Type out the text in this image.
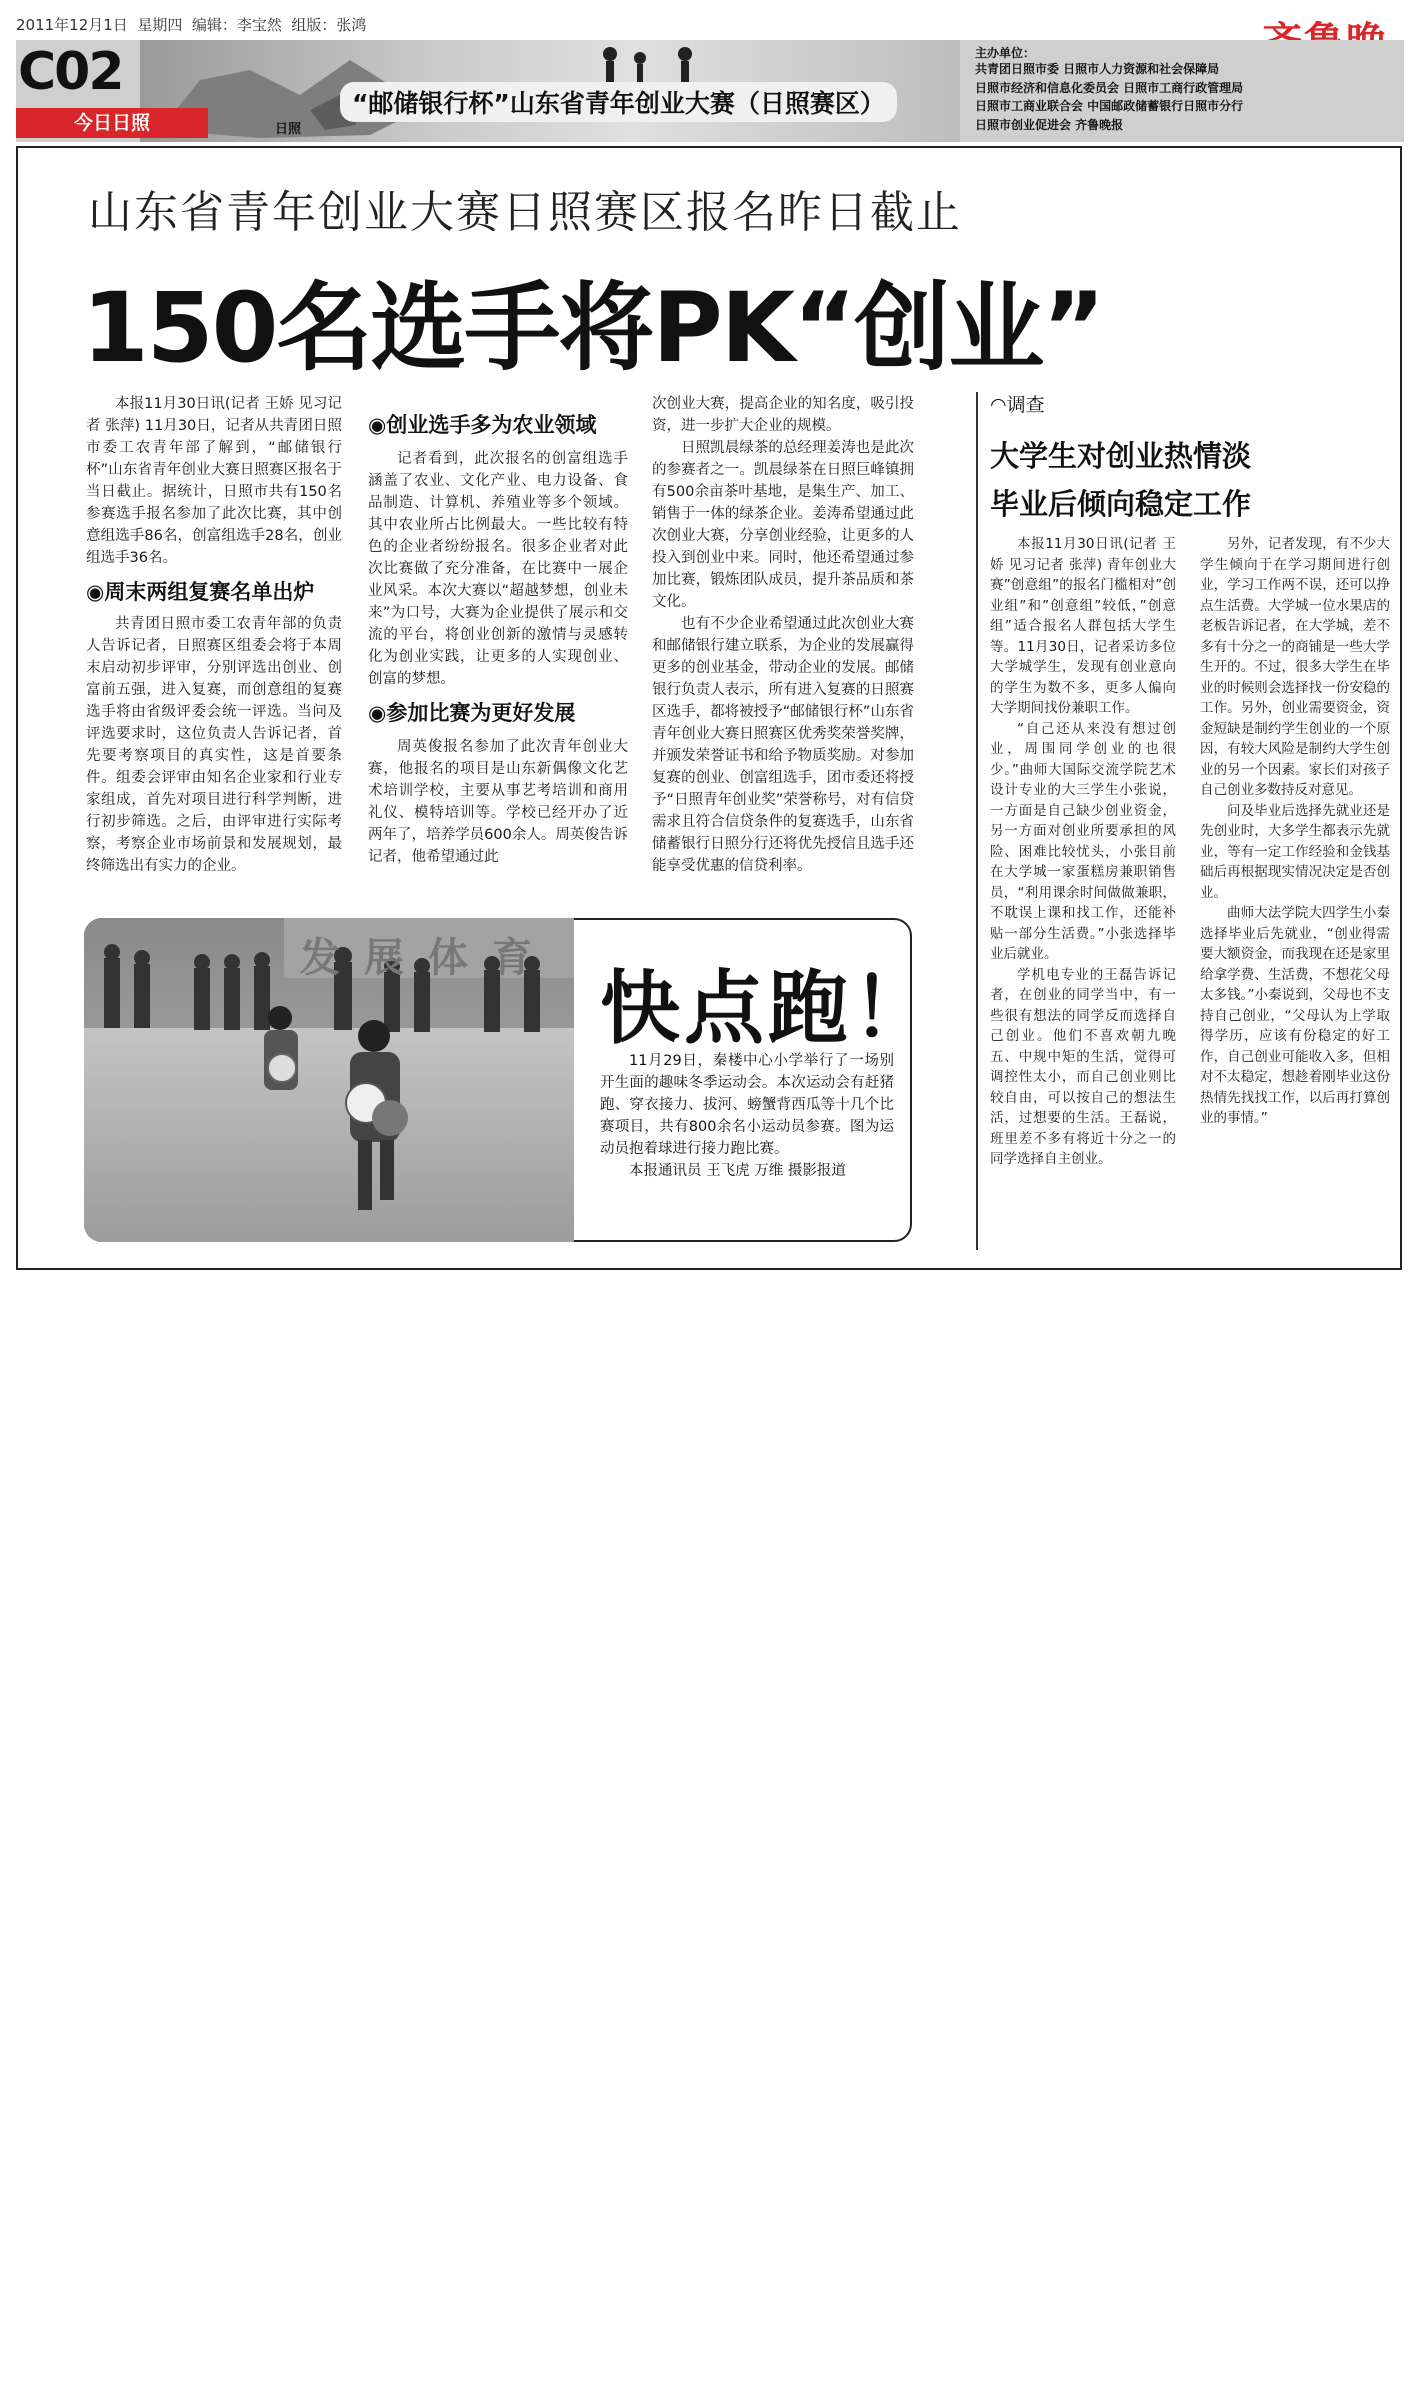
2011年12月1日  星期四  编辑：李宝然  组版：张鸿
日照
C02
今日日照
“邮储银行杯”山东省青年创业大赛（日照赛区）
主办单位：
共青团日照市委 日照市人力资源和社会保障局
日照市经济和信息化委员会 日照市工商行政管理局
日照市工商业联合会 中国邮政储蓄银行日照市分行
日照市创业促进会 齐鲁晚报
山东省青年创业大赛日照赛区报名昨日截止
150名选手将PK“创业”

本报11月30日讯(记者 王娇 见习记者 张萍) 11月30日，记者从共青团日照市委工农青年部了解到，“邮储银行杯”山东省青年创业大赛日照赛区报名于当日截止。据统计，日照市共有150名参赛选手报名参加了此次比赛，其中创意组选手86名，创富组选手28名，创业组选手36名。

◉周末两组复赛名单出炉

共青团日照市委工农青年部的负责人告诉记者，日照赛区组委会将于本周末启动初步评审，分别评选出创业、创富前五强，进入复赛，而创意组的复赛选手将由省级评委会统一评选。当问及评选要求时，这位负责人告诉记者，首先要考察项目的真实性，这是首要条件。组委会评审由知名企业家和行业专家组成，首先对项目进行科学判断，进行初步筛选。之后，由评审进行实际考察，考察企业市场前景和发展规划，最终筛选出有实力的企业。

◉创业选手多为农业领域

记者看到，此次报名的创富组选手涵盖了农业、文化产业、电力设备、食品制造、计算机、养殖业等多个领域。其中农业所占比例最大。一些比较有特色的企业者纷纷报名。很多企业者对此次比赛做了充分准备，在比赛中一展企业风采。本次大赛以“超越梦想，创业未来”为口号，大赛为企业提供了展示和交流的平台，将创业创新的激情与灵感转化为创业实践，让更多的人实现创业、创富的梦想。

◉参加比赛为更好发展

周英俊报名参加了此次青年创业大赛，他报名的项目是山东新偶像文化艺术培训学校，主要从事艺考培训和商用礼仪、模特培训等。学校已经开办了近两年了，培养学员600余人。周英俊告诉记者，他希望通过此

次创业大赛，提高企业的知名度，吸引投资，进一步扩大企业的规模。

日照凯晨绿茶的总经理姜涛也是此次的参赛者之一。凯晨绿茶在日照巨峰镇拥有500余亩茶叶基地，是集生产、加工、销售于一体的绿茶企业。姜涛希望通过此次创业大赛，分享创业经验，让更多的人投入到创业中来。同时，他还希望通过参加比赛，锻炼团队成员，提升茶品质和茶文化。

也有不少企业希望通过此次创业大赛和邮储银行建立联系，为企业的发展赢得更多的创业基金，带动企业的发展。邮储银行负责人表示，所有进入复赛的日照赛区选手，都将被授予“邮储银行杯”山东省青年创业大赛日照赛区优秀奖荣誉奖牌，并颁发荣誉证书和给予物质奖励。对参加复赛的创业、创富组选手，团市委还将授予“日照青年创业奖”荣誉称号，对有信贷需求且符合信贷条件的复赛选手，山东省储蓄银行日照分行还将优先授信且选手还能享受优惠的信贷利率。

◠调查
大学生对创业热情淡
毕业后倾向稳定工作

本报11月30日讯(记者 王娇 见习记者 张萍) 青年创业大赛”创意组”的报名门槛相对”创业组”和”创意组”较低，”创意组”适合报名人群包括大学生等。11月30日，记者采访多位大学城学生，发现有创业意向的学生为数不多，更多人偏向大学期间找份兼职工作。

“自己还从来没有想过创业，周围同学创业的也很少。”曲师大国际交流学院艺术设计专业的大三学生小张说，一方面是自己缺少创业资金，另一方面对创业所要承担的风险、困难比较忧头，小张目前在大学城一家蛋糕房兼职销售员，“利用课余时间做做兼职，不耽误上课和找工作，还能补贴一部分生活费。”小张选择毕业后就业。

学机电专业的王磊告诉记者，在创业的同学当中，有一些很有想法的同学反而选择自己创业。他们不喜欢朝九晚五、中规中矩的生活，觉得可调控性太小，而自己创业则比较自由，可以按自己的想法生活，过想要的生活。王磊说，班里差不多有将近十分之一的同学选择自主创业。

另外，记者发现，有不少大学生倾向于在学习期间进行创业，学习工作两不误，还可以挣点生活费。大学城一位水果店的老板告诉记者，在大学城，差不多有十分之一的商铺是一些大学生开的。不过，很多大学生在毕业的时候则会选择找一份安稳的工作。另外，创业需要资金，资金短缺是制约学生创业的一个原因，有较大风险是制约大学生创业的另一个因素。家长们对孩子自己创业多数持反对意见。

问及毕业后选择先就业还是先创业时，大多学生都表示先就业，等有一定工作经验和金钱基础后再根据现实情况决定是否创业。

曲师大法学院大四学生小秦选择毕业后先就业，“创业得需要大额资金，而我现在还是家里给拿学费、生活费，不想花父母太多钱。”小秦说到，父母也不支持自己创业，“父母认为上学取得学历，应该有份稳定的好工作，自己创业可能收入多，但相对不太稳定，想趁着刚毕业这份热情先找找工作，以后再打算创业的事情。”

发展体育
快点跑！

11月29日，秦楼中心小学举行了一场别开生面的趣味冬季运动会。本次运动会有赶猪跑、穿衣接力、拔河、螃蟹背西瓜等十几个比赛项目，共有800余名小运动员参赛。图为运动员抱着球进行接力跑比赛。

本报通讯员 王飞虎 万维 摄影报道
